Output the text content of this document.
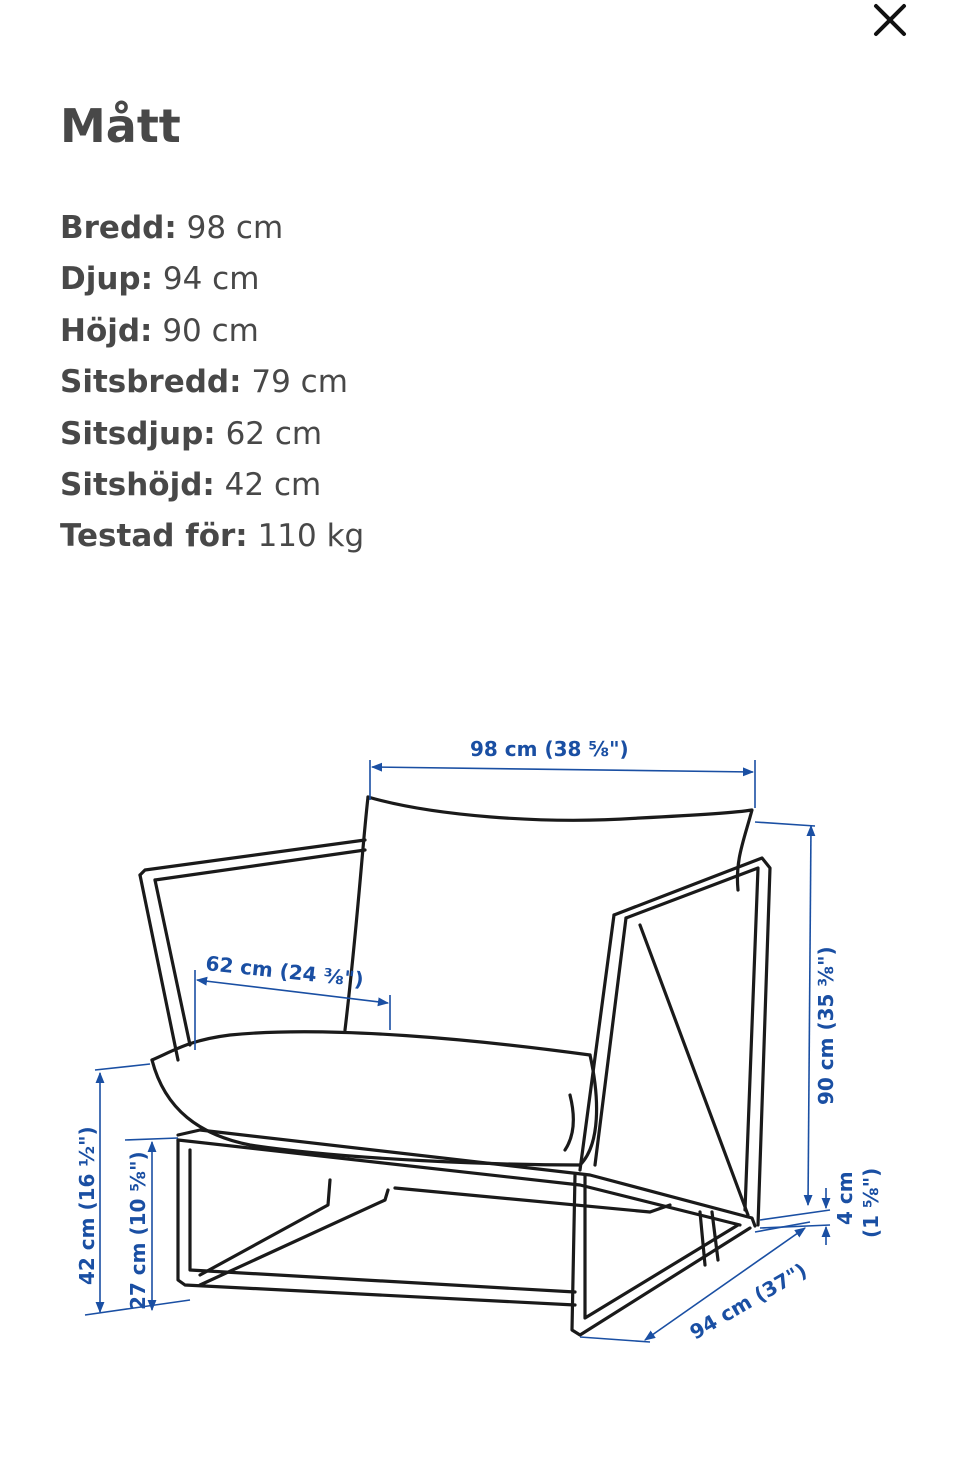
Mått
Bredd: 98 cm
Djup: 94 cm
Höjd: 90 cm
Sitsbredd: 79 cm
Sitsdjup: 62 cm
Sitshöjd: 42 cm
Testad för: 110 kg
98 cm (38 ⅝")
62 cm (24 ⅜")	90 cm (35 ⅜")
4 cm (1 ⅝")
94 cm (37")
42 cm (16 ½") 27 cm (10 ⅝")
